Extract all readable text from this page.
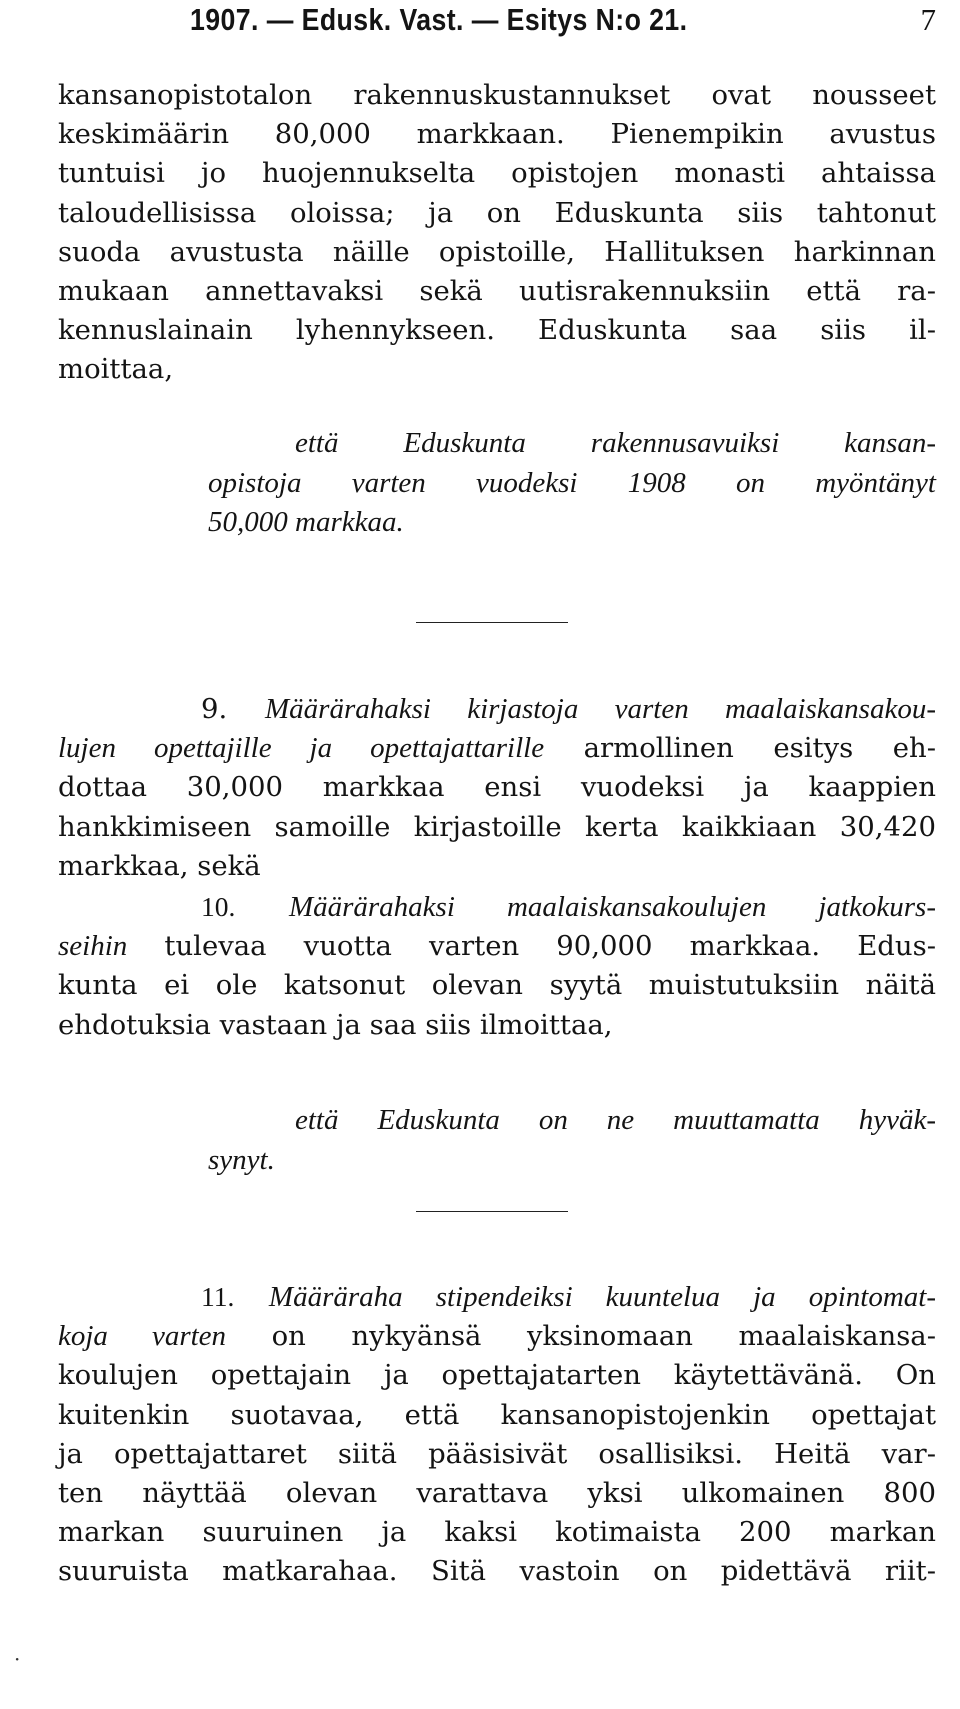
1907. — Edusk. Vast. — Esitys N:o 21.	7
kansanopistotalon rakennuskustannukset ovat nousseet
keskimäärin 80,000 markkaan. Pienempikin avustus
tuntuisi jo huojennukselta opistojen monasti ahtaissa
taloudellisissa oloissa; ja on Eduskunta siis tahtonut
suoda avustusta näille opistoille, Hallituksen harkinnan
mukaan annettavaksi sekä uutisrakennuksiin että ra-
kennuslainain lyhennykseen. Eduskunta saa siis il-
moittaa,
että Eduskunta rakennusavuiksi kansan-
opistoja varten vuodeksi 1908 on myöntänyt
50,000 markkaa.
9. Määrärahaksi kirjastoja varten maalaiskansakou-
lujen opettajille ja opettajattarille armollinen esitys eh-
dottaa 30,000 markkaa ensi vuodeksi ja kaappien
hankkimiseen samoille kirjastoille kerta kaikkiaan 30,420
markkaa, sekä
10. Määrärahaksi maalaiskansakoulujen jatkokurs-
seihin tulevaa vuotta varten 90,000 markkaa. Edus-
kunta ei ole katsonut olevan syytä muistutuksiin näitä
ehdotuksia vastaan ja saa siis ilmoittaa,
että Eduskunta on ne muuttamatta hyväk-
synyt.
11. Määräraha stipendeiksi kuuntelua ja opintomat-
koja varten on nykyänsä yksinomaan maalaiskansa-
koulujen opettajain ja opettajatarten käytettävänä. On
kuitenkin suotavaa, että kansanopistojenkin opettajat
ja opettajattaret siitä pääsisivät osallisiksi. Heitä var-
ten näyttää olevan varattava yksi ulkomainen 800
markan suuruinen ja kaksi kotimaista 200 markan
suuruista matkarahaa. Sitä vastoin on pidettävä riit-
·
